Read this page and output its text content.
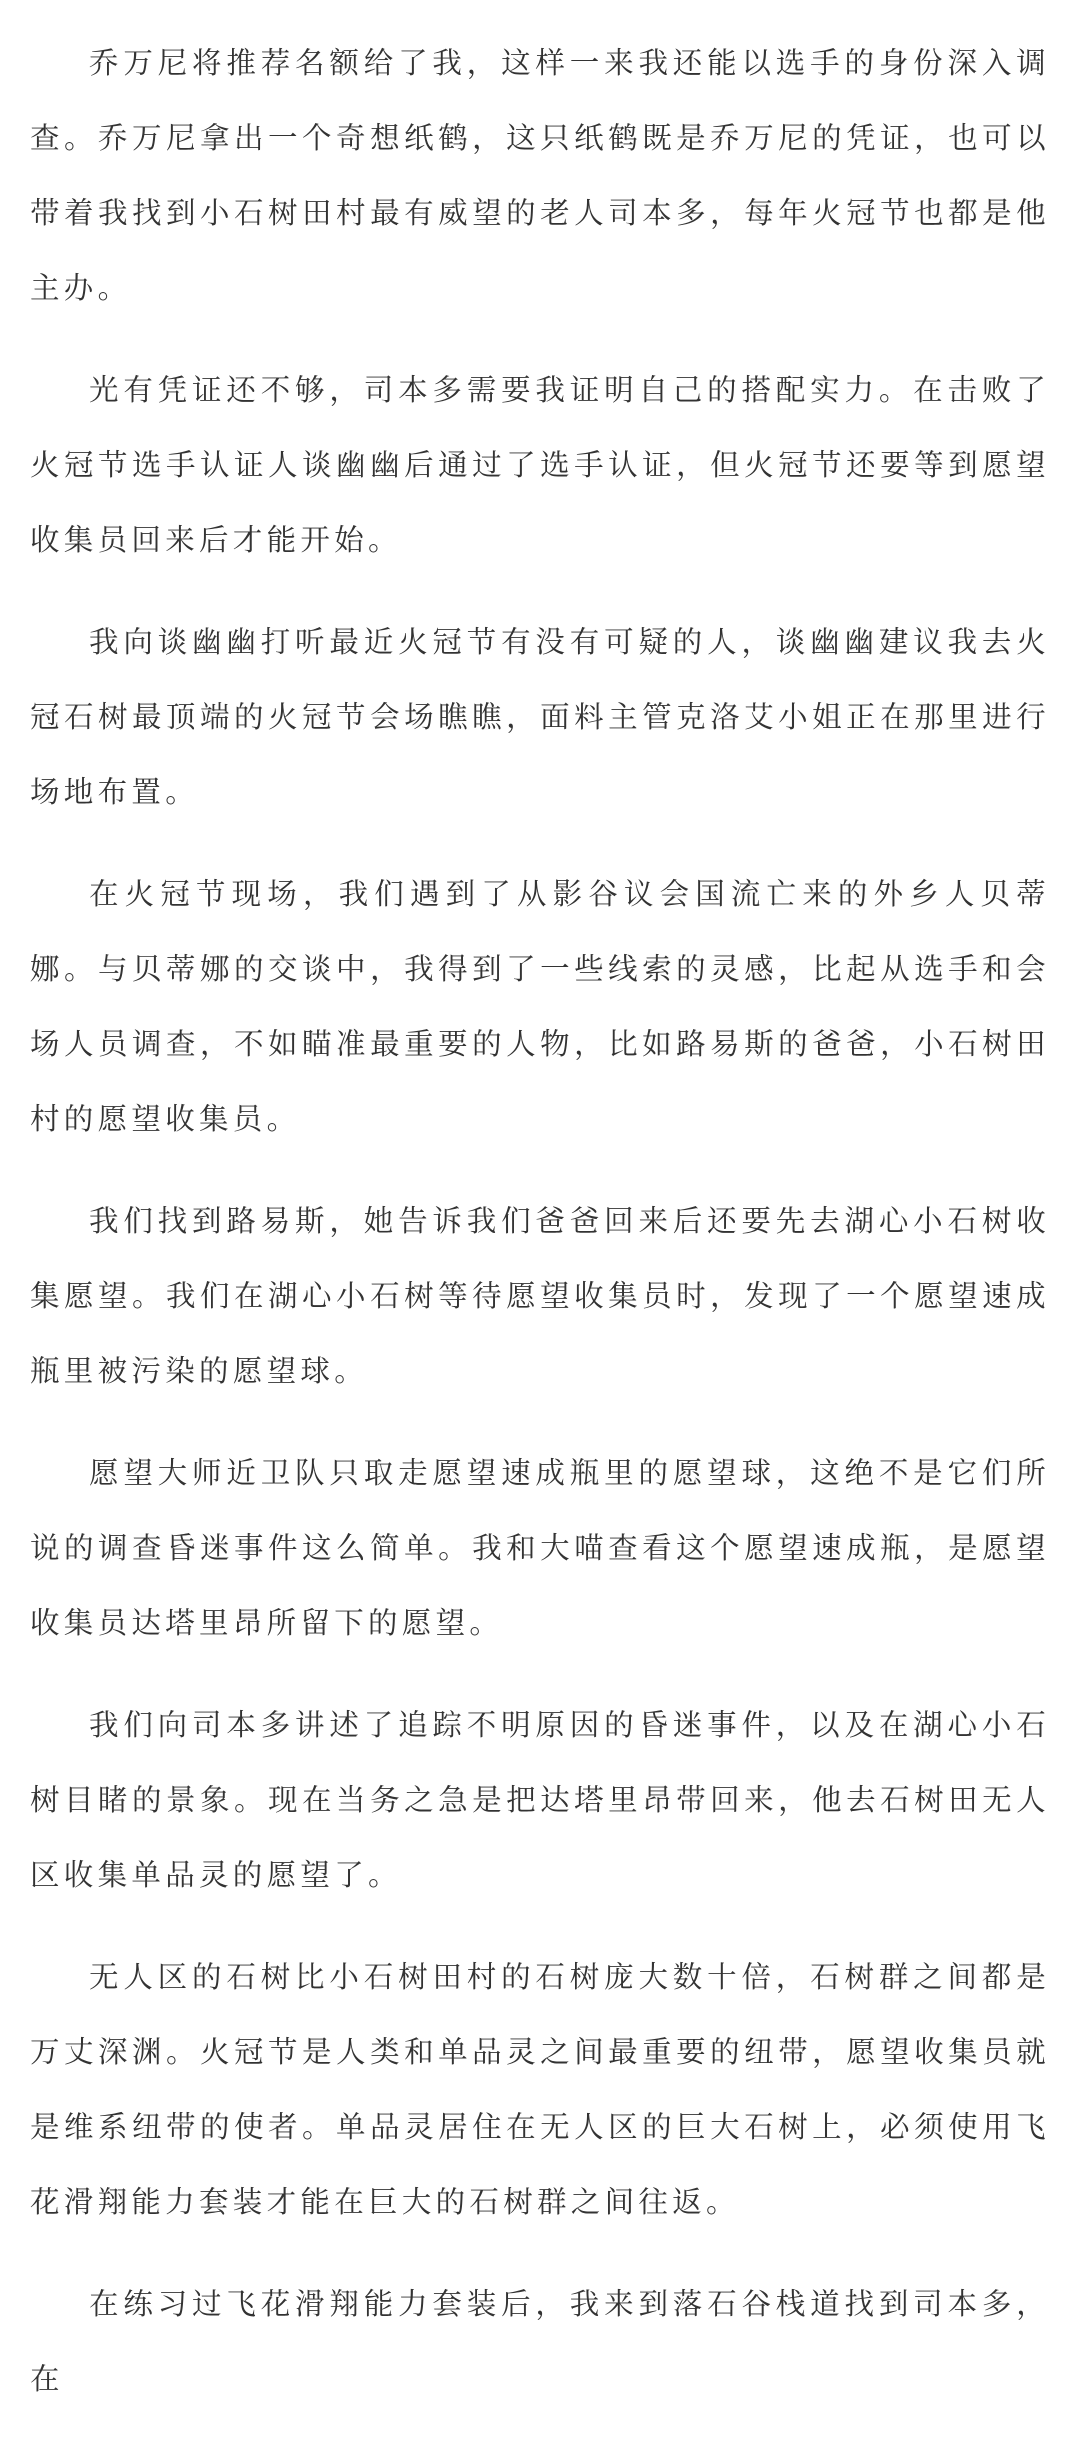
乔万尼将推荐名额给了我，这样一来我还能以选手的身份深入调查。乔万尼拿出一个奇想纸鹤，这只纸鹤既是乔万尼的凭证，也可以带着我找到小石树田村最有威望的老人司本多，每年火冠节也都是他主办。

光有凭证还不够，司本多需要我证明自己的搭配实力。在击败了火冠节选手认证人谈幽幽后通过了选手认证，但火冠节还要等到愿望收集员回来后才能开始。

我向谈幽幽打听最近火冠节有没有可疑的人，谈幽幽建议我去火冠石树最顶端的火冠节会场瞧瞧，面料主管克洛艾小姐正在那里进行场地布置。

在火冠节现场，我们遇到了从影谷议会国流亡来的外乡人贝蒂娜。与贝蒂娜的交谈中，我得到了一些线索的灵感，比起从选手和会场人员调查，不如瞄准最重要的人物，比如路易斯的爸爸，小石树田村的愿望收集员。

我们找到路易斯，她告诉我们爸爸回来后还要先去湖心小石树收集愿望。我们在湖心小石树等待愿望收集员时，发现了一个愿望速成瓶里被污染的愿望球。

愿望大师近卫队只取走愿望速成瓶里的愿望球，这绝不是它们所说的调查昏迷事件这么简单。我和大喵查看这个愿望速成瓶，是愿望收集员达塔里昂所留下的愿望。

我们向司本多讲述了追踪不明原因的昏迷事件，以及在湖心小石树目睹的景象。现在当务之急是把达塔里昂带回来，他去石树田无人区收集单品灵的愿望了。

无人区的石树比小石树田村的石树庞大数十倍，石树群之间都是万丈深渊。火冠节是人类和单品灵之间最重要的纽带，愿望收集员就是维系纽带的使者。单品灵居住在无人区的巨大石树上，必须使用飞花滑翔能力套装才能在巨大的石树群之间往返。

在练习过飞花滑翔能力套装后，我来到落石谷栈道找到司本多，在
